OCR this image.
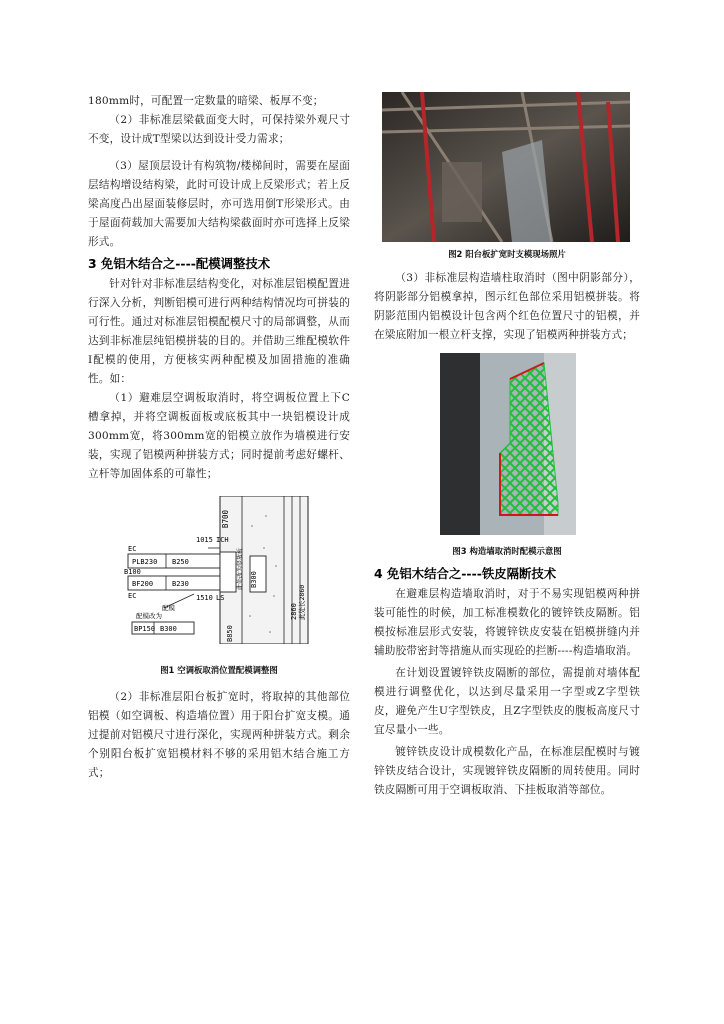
180mm时，可配置一定数量的暗梁、板厚不变；

（2）非标准层梁截面变大时，可保持梁外观尺寸不变，设计成T型梁以达到设计受力需求；

（3）屋顶层设计有构筑物/楼梯间时，需要在屋面层结构增设结构梁，此时可设计成上反梁形式；若上反梁高度凸出屋面装修层时，亦可选用倒T形梁形式。由于屋面荷载加大需要加大结构梁截面时亦可选择上反梁形式。

3 免铝木结合之----配模调整技术

针对针对非标准层结构变化，对标准层铝模配置进行深入分析，判断铝模可进行两种结构情况均可拼装的可行性。通过对标准层铝模配模尺寸的局部调整，从而达到非标准层纯铝模拼装的目的。并借助三维配模软件I配模的使用，方便核实两种配模及加固措施的准确性。如：

（1）避难层空调板取消时，将空调板位置上下C槽拿掉，并将空调板面板或底板其中一块铝模设计成300mm宽，将300mm宽的铝模立放作为墙模进行安装，实现了铝模两种拼装方式；同时提前考虑好螺杆、立杆等加固体系的可靠性；

B700
1015 ICH
EC
PLB230 B250
B100
BF200	B230
EC	1510 LS
B300
B850
2860
BP150 B300
此处长2860
配模
此处改为竖放板
配模改为
图1 空调板取消位置配模调整图

（2）非标准层阳台板扩宽时，将取掉的其他部位铝模（如空调板、构造墙位置）用于阳台扩宽支模。通过提前对铝模尺寸进行深化，实现两种拼装方式。剩余个别阳台板扩宽铝模材料不够的采用铝木结合施工方式；

图2 阳台板扩宽时支模现场照片

（3）非标准层构造墙柱取消时（图中阴影部分），将阴影部分铝模拿掉，图示红色部位采用铝模拼装。将阴影范围内铝模设计包含两个红色位置尺寸的铝模，并在梁底附加一根立杆支撑，实现了铝模两种拼装方式；

图3 构造墙取消时配模示意图
4 免铝木结合之----铁皮隔断技术

在避难层构造墙取消时，对于不易实现铝模两种拼装可能性的时候，加工标准模数化的镀锌铁皮隔断。铝模按标准层形式安装，将镀锌铁皮安装在铝模拼缝内并辅助胶带密封等措施从而实现砼的拦断----构造墙取消。

在计划设置镀锌铁皮隔断的部位，需提前对墙体配模进行调整优化，以达到尽量采用一字型或Z字型铁皮，避免产生U字型铁皮，且Z字型铁皮的腹板高度尺寸宜尽量小一些。

镀锌铁皮设计成模数化产品，在标准层配模时与镀锌铁皮结合设计，实现镀锌铁皮隔断的周转使用。同时铁皮隔断可用于空调板取消、下挂板取消等部位。
